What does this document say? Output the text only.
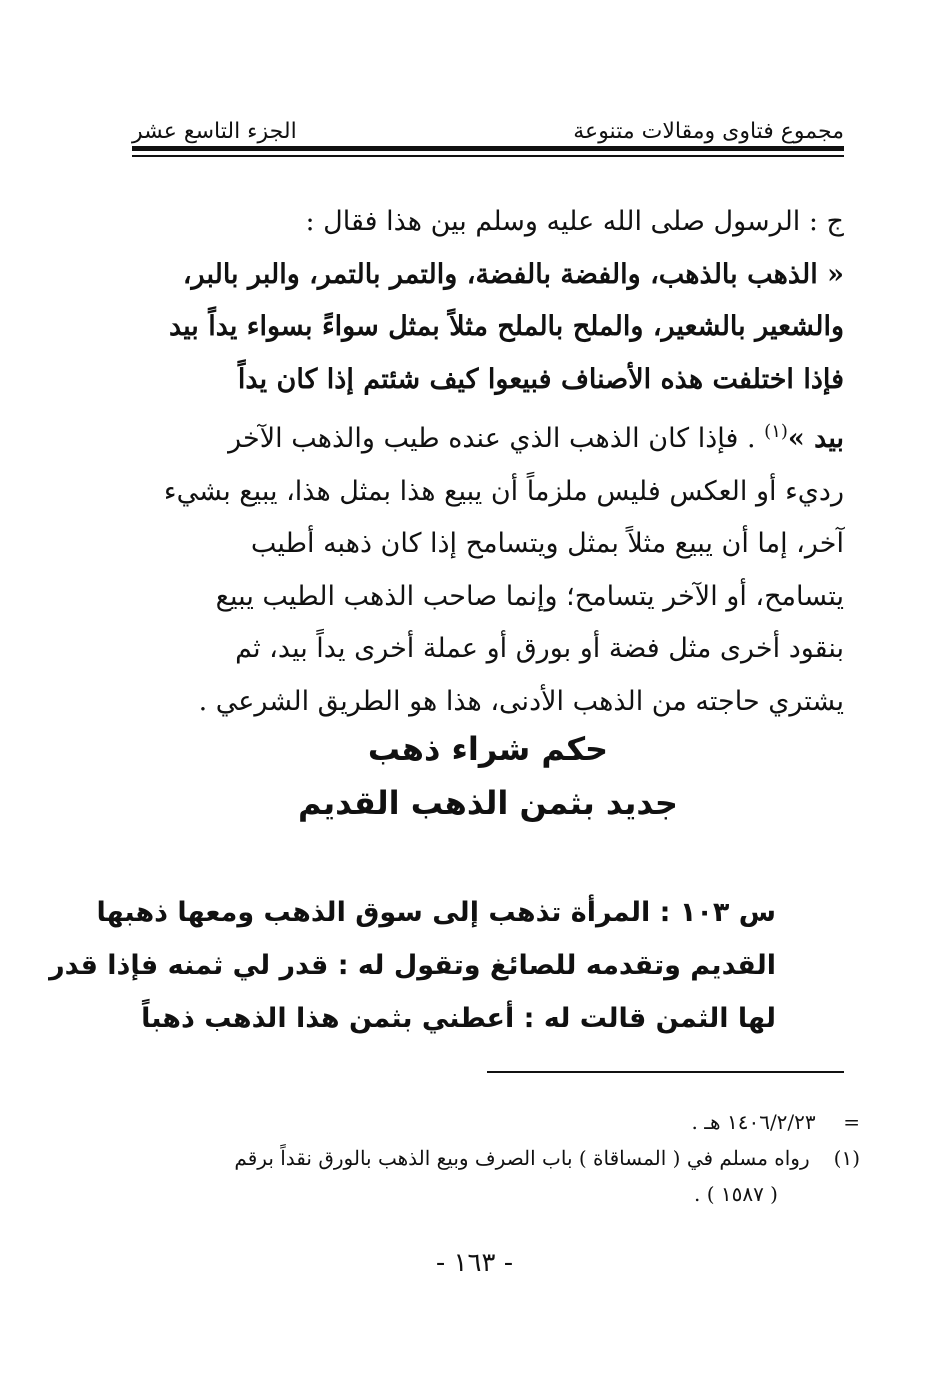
مجموع فتاوى ومقالات متنوعة
الجزء التاسع عشر
ج : الرسول صلى الله عليه وسلم بين هذا فقال :
« الذهب بالذهب، والفضة بالفضة، والتمر بالتمر، والبر بالبر،
والشعير بالشعير، والملح بالملح مثلاً بمثل سواءً بسواء يداً بيد
فإذا اختلفت هذه الأصناف فبيعوا كيف شئتم إذا كان يداً
بيد »$^{(١)}$ . فإذا كان الذهب الذي عنده طيب والذهب الآخر
رديء أو العكس فليس ملزماً أن يبيع هذا بمثل هذا، يبيع بشيء
آخر، إما أن يبيع مثلاً بمثل ويتسامح إذا كان ذهبه أطيب
يتسامح، أو الآخر يتسامح؛ وإنما صاحب الذهب الطيب يبيع
بنقود أخرى مثل فضة أو بورق أو عملة أخرى يداً بيد، ثم
يشتري حاجته من الذهب الأدنى، هذا هو الطريق الشرعي .
حكم شراء ذهب
جديد بثمن الذهب القديم
س ١٠٣ : المرأة تذهب إلى سوق الذهب ومعها ذهبها
القديم وتقدمه للصائغ وتقول له : قدر لي ثمنه فإذا قدر
لها الثمن قالت له : أعطني بثمن هذا الذهب ذهباً
= ١٤٠٦/٢/٢٣ هـ .
(١) رواه مسلم في ( المساقاة ) باب الصرف وبيع الذهب بالورق نقداً برقم
( ١٥٨٧ ) .
- ١٦٣ -
